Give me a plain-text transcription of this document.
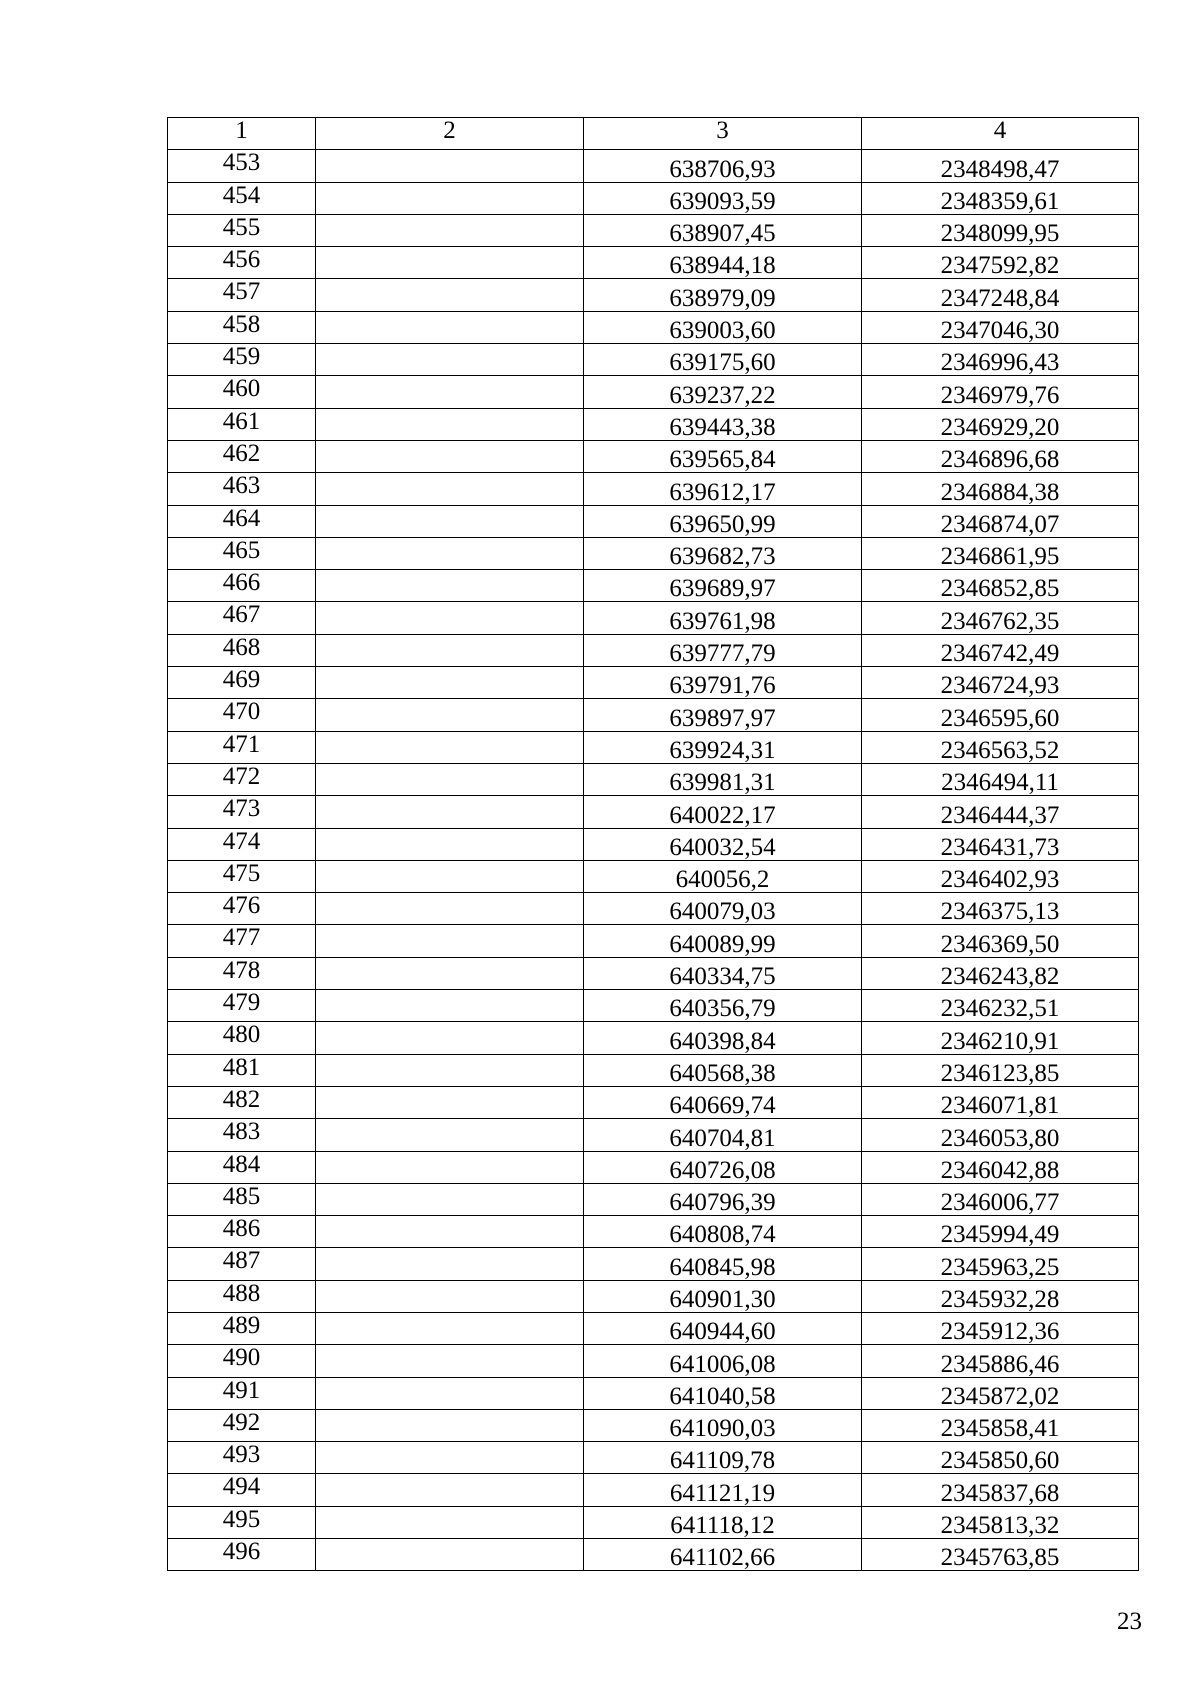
1	2	3	4
453		638706,93	2348498,47
454		639093,59	2348359,61
455		638907,45	2348099,95
456		638944,18	2347592,82
457		638979,09	2347248,84
458		639003,60	2347046,30
459		639175,60	2346996,43
460		639237,22	2346979,76
461		639443,38	2346929,20
462		639565,84	2346896,68
463		639612,17	2346884,38
464		639650,99	2346874,07
465		639682,73	2346861,95
466		639689,97	2346852,85
467		639761,98	2346762,35
468		639777,79	2346742,49
469		639791,76	2346724,93
470		639897,97	2346595,60
471		639924,31	2346563,52
472		639981,31	2346494,11
473		640022,17	2346444,37
474		640032,54	2346431,73
475		640056,2	2346402,93
476		640079,03	2346375,13
477		640089,99	2346369,50
478		640334,75	2346243,82
479		640356,79	2346232,51
480		640398,84	2346210,91
481		640568,38	2346123,85
482		640669,74	2346071,81
483		640704,81	2346053,80
484		640726,08	2346042,88
485		640796,39	2346006,77
486		640808,74	2345994,49
487		640845,98	2345963,25
488		640901,30	2345932,28
489		640944,60	2345912,36
490		641006,08	2345886,46
491		641040,58	2345872,02
492		641090,03	2345858,41
493		641109,78	2345850,60
494		641121,19	2345837,68
495		641118,12	2345813,32
496		641102,66	2345763,85
23
